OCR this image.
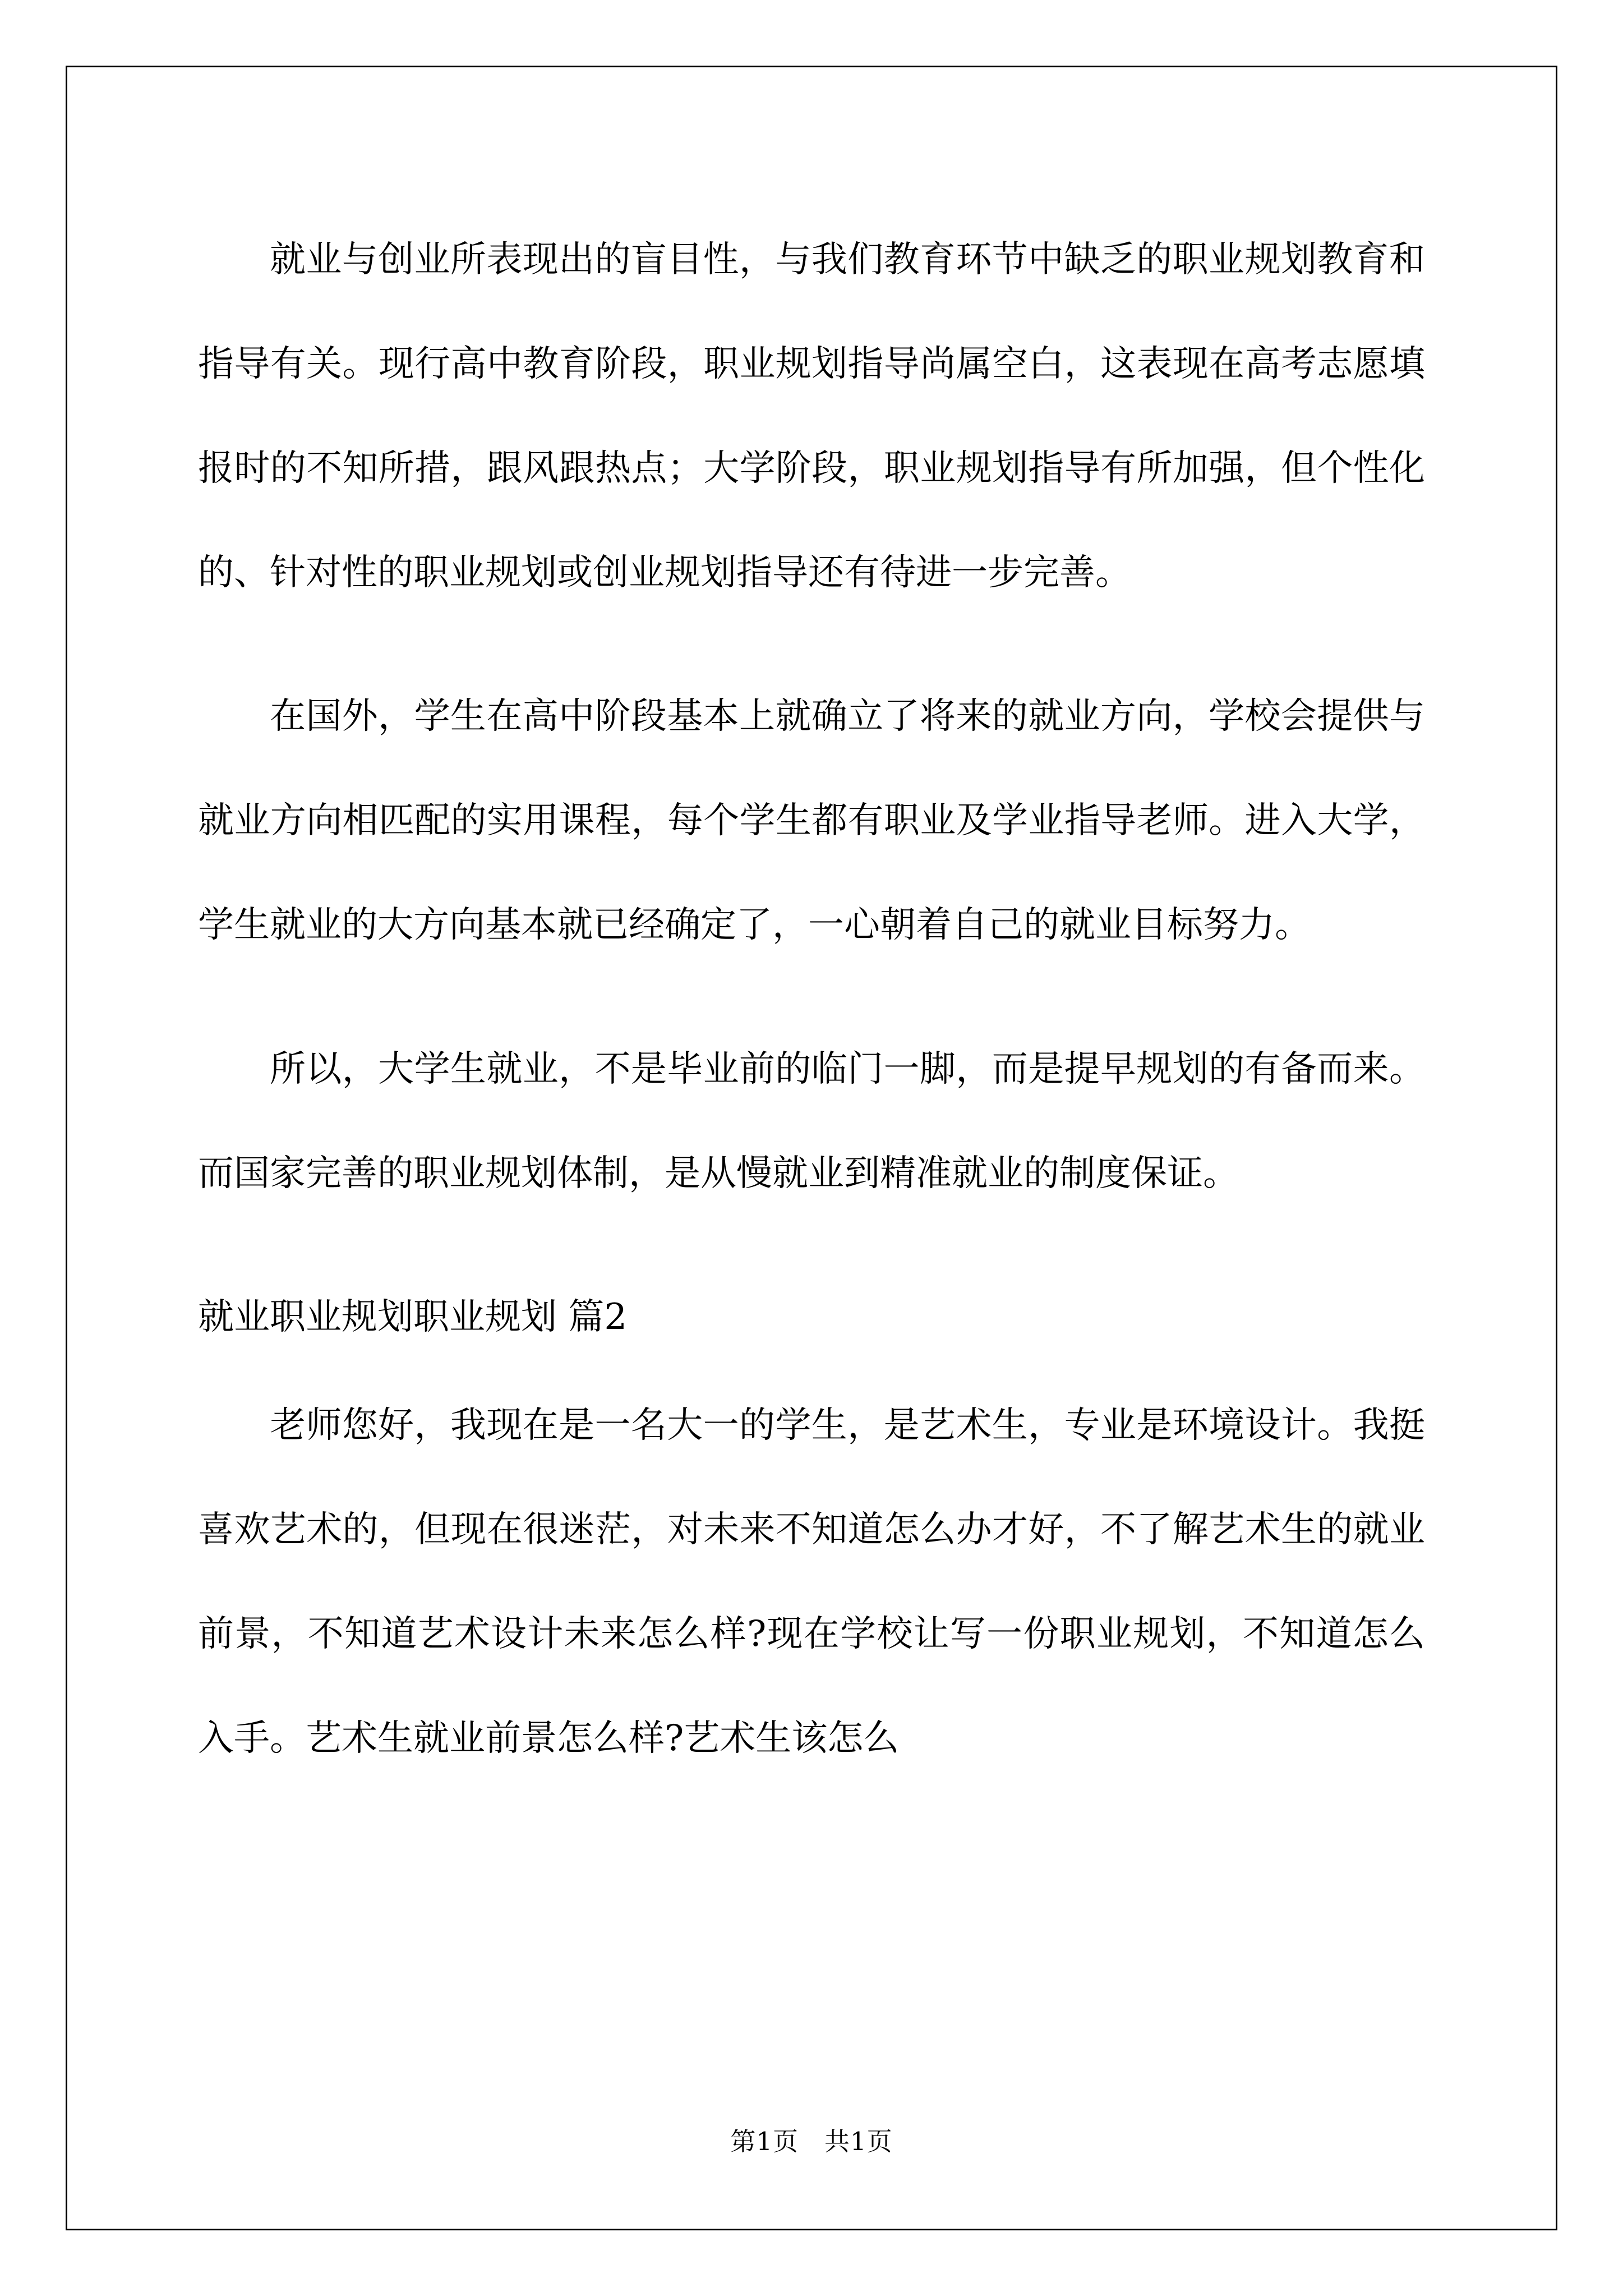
就业与创业所表现出的盲目性，与我们教育环节中缺乏的职业规划教育和指导有关。现行高中教育阶段，职业规划指导尚属空白，这表现在高考志愿填报时的不知所措，跟风跟热点；大学阶段，职业规划指导有所加强，但个性化的、针对性的职业规划或创业规划指导还有待进一步完善。

在国外，学生在高中阶段基本上就确立了将来的就业方向，学校会提供与就业方向相匹配的实用课程，每个学生都有职业及学业指导老师。进入大学，学生就业的大方向基本就已经确定了，一心朝着自己的就业目标努力。

所以，大学生就业，不是毕业前的临门一脚，而是提早规划的有备而来。而国家完善的职业规划体制，是从慢就业到精准就业的制度保证。

就业职业规划职业规划 篇2

老师您好，我现在是一名大一的学生，是艺术生，专业是环境设计。我挺喜欢艺术的，但现在很迷茫，对未来不知道怎么办才好，不了解艺术生的就业前景，不知道艺术设计未来怎么样?现在学校让写一份职业规划，不知道怎么入手。艺术生就业前景怎么样?艺术生该怎么

第1页　共1页
